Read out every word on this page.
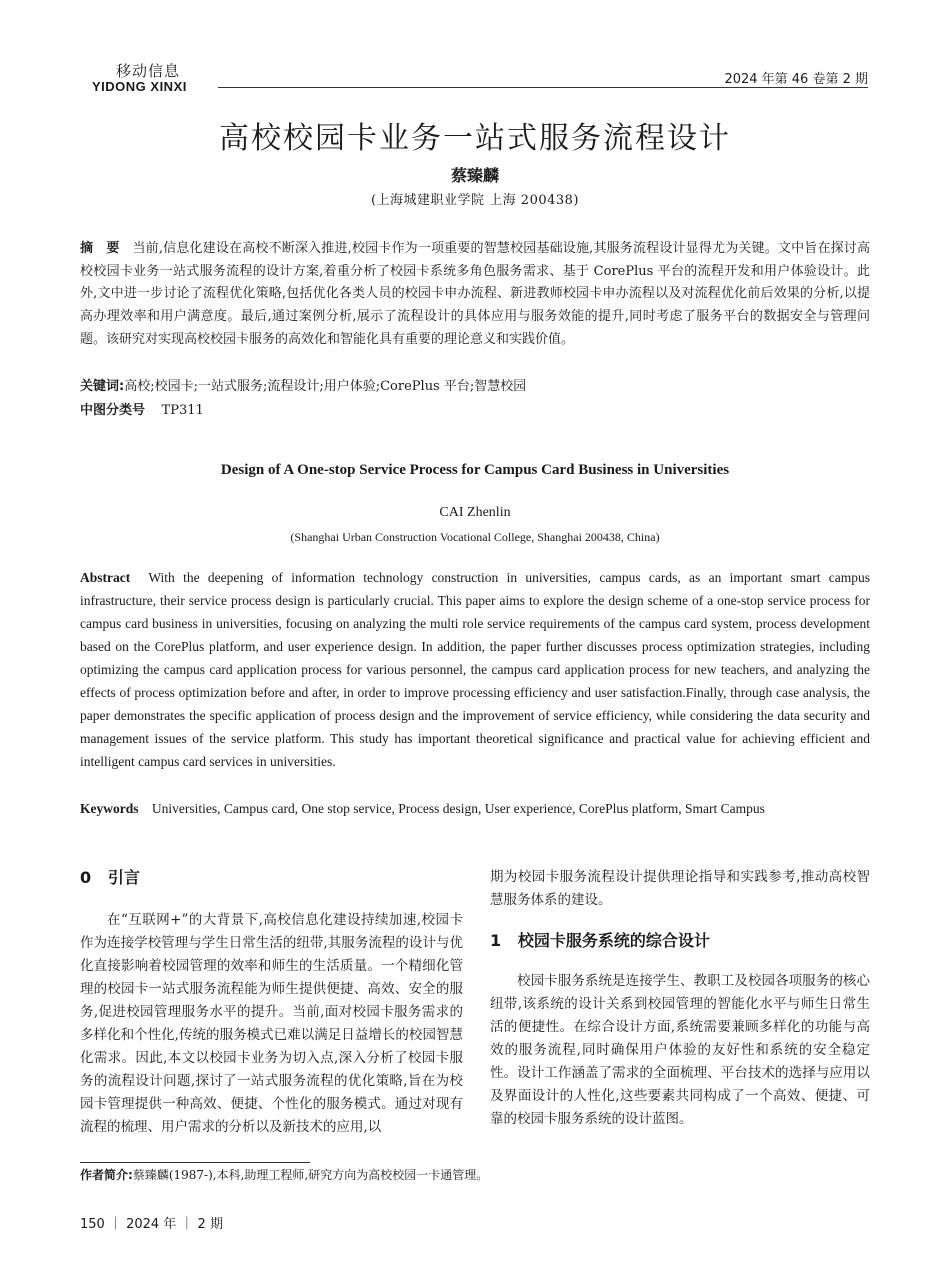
移动信息
YIDONG XINXI	2024 年第 46 卷第 2 期
高校校园卡业务一站式服务流程设计
蔡臻麟
(上海城建职业学院 上海 200438)
摘　要 当前,信息化建设在高校不断深入推进,校园卡作为一项重要的智慧校园基础设施,其服务流程设计显得尤为关键。文中旨在探讨高校校园卡业务一站式服务流程的设计方案,着重分析了校园卡系统多角色服务需求、基于 CorePlus 平台的流程开发和用户体验设计。此外,文中进一步讨论了流程优化策略,包括优化各类人员的校园卡申办流程、新进教师校园卡申办流程以及对流程优化前后效果的分析,以提高办理效率和用户满意度。最后,通过案例分析,展示了流程设计的具体应用与服务效能的提升,同时考虑了服务平台的数据安全与管理问题。该研究对实现高校校园卡服务的高效化和智能化具有重要的理论意义和实践价值。
关键词:高校;校园卡;一站式服务;流程设计;用户体验;CorePlus 平台;智慧校园
中图分类号 TP311
Design of A One-stop Service Process for Campus Card Business in Universities
CAI Zhenlin
(Shanghai Urban Construction Vocational College, Shanghai 200438, China)
Abstract With the deepening of information technology construction in universities, campus cards, as an important smart campus infrastructure, their service process design is particularly crucial. This paper aims to explore the design scheme of a one-stop service process for campus card business in universities, focusing on analyzing the multi role service requirements of the campus card system, process development based on the CorePlus platform, and user experience design. In addition, the paper further discusses process optimization strategies, including optimizing the campus card application process for various personnel, the campus card application process for new teachers, and analyzing the effects of process optimization before and after, in order to improve processing efficiency and user satisfaction.Finally, through case analysis, the paper demonstrates the specific application of process design and the improvement of service efficiency, while considering the data security and management issues of the service platform. This study has important theoretical significance and practical value for achieving efficient and intelligent campus card services in universities.
Keywords Universities, Campus card, One stop service, Process design, User experience, CorePlus platform, Smart Campus
0 引言

在“互联网+”的大背景下,高校信息化建设持续加速,校园卡作为连接学校管理与学生日常生活的纽带,其服务流程的设计与优化直接影响着校园管理的效率和师生的生活质量。一个精细化管理的校园卡一站式服务流程能为师生提供便捷、高效、安全的服务,促进校园管理服务水平的提升。当前,面对校园卡服务需求的多样化和个性化,传统的服务模式已难以满足日益增长的校园智慧化需求。因此,本文以校园卡业务为切入点,深入分析了校园卡服务的流程设计问题,探讨了一站式服务流程的优化策略,旨在为校园卡管理提供一种高效、便捷、个性化的服务模式。通过对现有流程的梳理、用户需求的分析以及新技术的应用,以

期为校园卡服务流程设计提供理论指导和实践参考,推动高校智慧服务体系的建设。

1 校园卡服务系统的综合设计

校园卡服务系统是连接学生、教职工及校园各项服务的核心纽带,该系统的设计关系到校园管理的智能化水平与师生日常生活的便捷性。在综合设计方面,系统需要兼顾多样化的功能与高效的服务流程,同时确保用户体验的友好性和系统的安全稳定性。设计工作涵盖了需求的全面梳理、平台技术的选择与应用以及界面设计的人性化,这些要素共同构成了一个高效、便捷、可靠的校园卡服务系统的设计蓝图。

作者简介:蔡臻麟(1987-),本科,助理工程师,研究方向为高校校园一卡通管理。
150 ｜ 2024 年 ｜ 2 期
